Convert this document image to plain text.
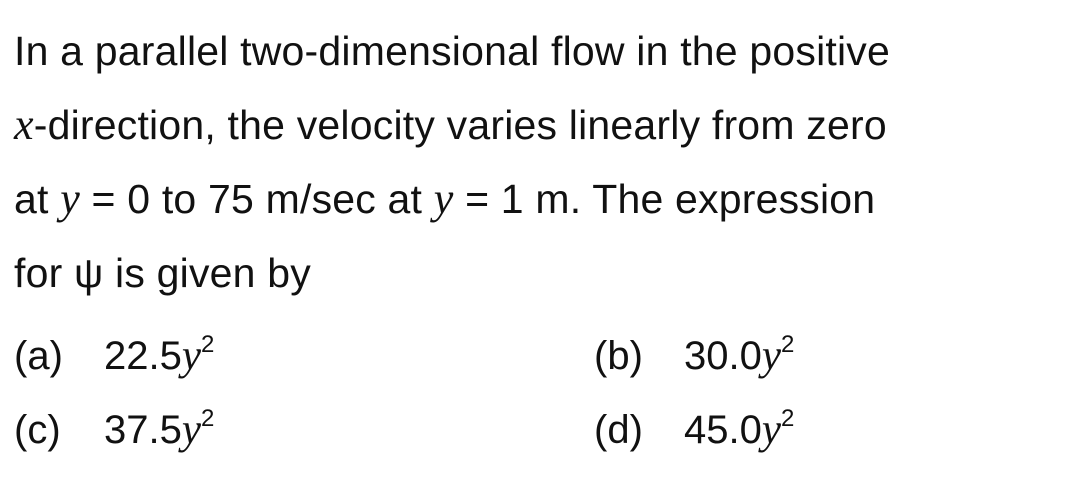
In a parallel two-dimensional flow in the positive
x-direction, the velocity varies linearly from zero
at y = 0 to 75 m/sec at y = 1 m. The expression
for ψ is given by
(a)	$22.5y^2$	(b)	$30.0y^2$
(c)	$37.5y^2$	(d)	$45.0y^2$
